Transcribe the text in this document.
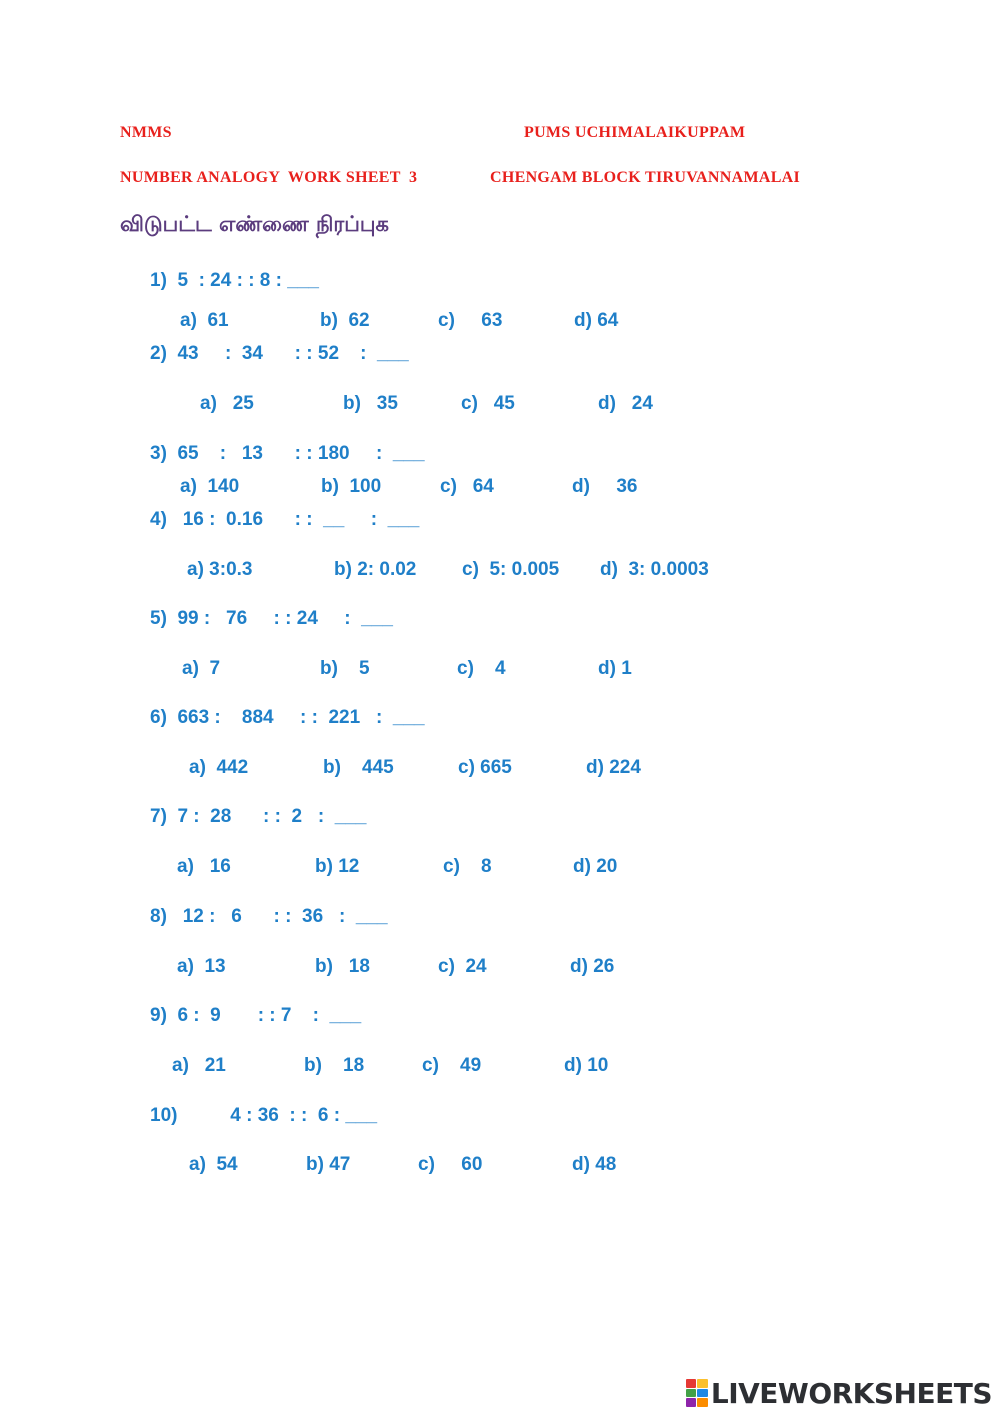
NMMS	PUMS UCHIMALAIKUPPAM
NUMBER ANALOGY  WORK SHEET  3	CHENGAM BLOCK TIRUVANNAMALAI
விடுபட்ட எண்ணை நிரப்புக
1)  5  : 24 : : 8 : ___
a)  61	b)  62	c)     63	d) 64
2)  43     :  34      : : 52    :  ___
a)   25	b)   35	c)   45	d)   24
3)  65    :   13      : : 180     :  ___
a)  140	b)  100	c)   64	d)     36
4)   16 :  0.16      : :  __     :  ___
a) 3:0.3	b) 2: 0.02 c)  5: 0.005 d)  3: 0.0003
5)  99 :   76     : : 24     :  ___
a)  7	b)    5	c)    4	d) 1
6)  663 :    884     : :  221   :  ___
a)  442	b)    445	c) 665	d) 224
7)  7 :  28      : :  2   :  ___
a)   16	b) 12	c)    8	d) 20
8)   12 :   6      : :  36   :  ___
a)  13	b)   18	c)  24	d) 26
9)  6 :  9       : : 7    :  ___
a)   21	b)    18	c)    49	d) 10
10)          4 : 36  : :  6 : ___
a)  54	b) 47	c)     60	d) 48
LIVEWORKSHEETS
